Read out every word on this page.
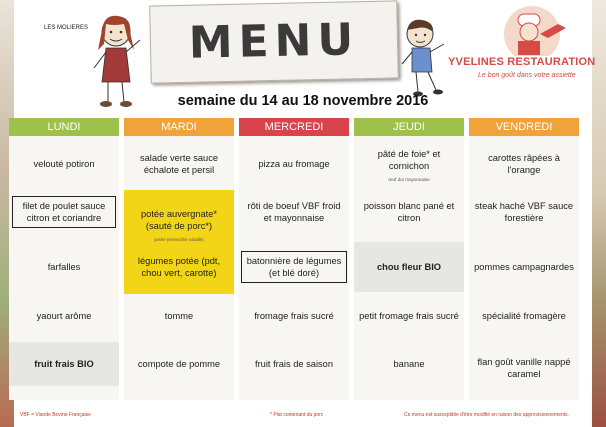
LES MOLIERES	MENU	YVELINES RESTAURATION
Le bon goût dans votre assiette
semaine du 14 au 18 novembre 2016
LUNDI
velouté potiron
filet de poulet sauce citron et coriandre
farfalles
yaourt arôme
fruit frais BIO
MARDI
salade verte sauce échalote et persil
potée auvergnate* (sauté de porc*)
potée (entrecôte volaille)
légumes potée (pdt, chou vert, carotte)
tomme
compote de pomme
MERCREDI
pizza au fromage
rôti de boeuf VBF froid et mayonnaise
batonnière de légumes (et blé doré)
fromage frais sucré
fruit frais de saison
JEUDI
pâté de foie* et cornichon
œuf dur mayonnaise
poisson blanc pané et citron
chou fleur BIO
petit fromage frais sucré
banane
VENDREDI
carottes râpées à l'orange
steak haché VBF sauce forestière
pommes campagnardes
spécialité fromagère
flan goût vanille nappé caramel
VBF = Viande Bovine Française	* Plat contenant du porc	Ce menu est susceptible d'être modifié en raison des approvisionnements.
